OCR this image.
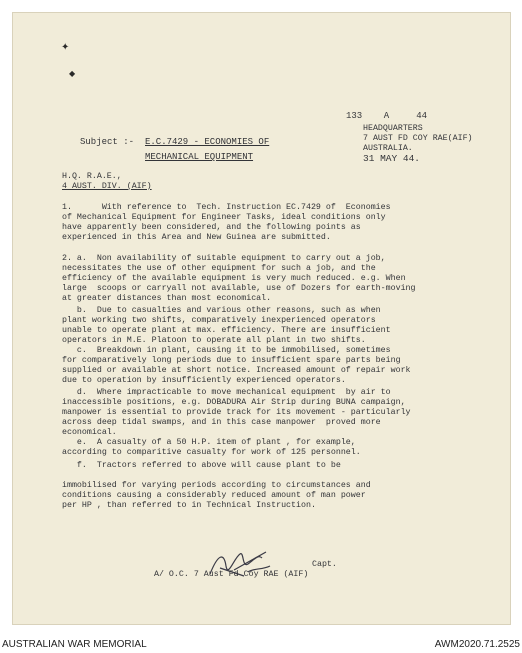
✦
◆
133    A     44
Subject :- E.C.7429 - ECONOMIES OF
MECHANICAL EQUIPMENT
HEADQUARTERS
7 AUST FD COY RAE(AIF)
AUSTRALIA.
31 MAY 44.
H.Q. R.A.E.,
4 AUST. DIV. (AIF)
1.      With reference to  Tech. Instruction EC.7429 of  Economies
of Mechanical Equipment for Engineer Tasks, ideal conditions only
have apparently been considered, and the following points as
experienced in this Area and New Guinea are submitted.
2. a.  Non availability of suitable equipment to carry out a job,
necessitates the use of other equipment for such a job, and the
efficiency of the available equipment is very much reduced. e.g. When
large  scoops or carryall not available, use of Dozers for earth-moving
at greater distances than most economical.
b.  Due to casualties and various other reasons, such as when
plant working two shifts, comparatively inexperienced operators
unable to operate plant at max. efficiency. There are insufficient
operators in M.E. Platoon to operate all plant in two shifts.
c.  Breakdown in plant, causing it to be immobilised, sometimes
for comparatively long periods due to insufficient spare parts being
supplied or available at short notice. Increased amount of repair work
due to operation by insufficiently experienced operators.
d.  Where impracticable to move mechanical equipment  by air to
inaccessible positions, e.g. DOBADURA Air Strip during BUNA campaign,
manpower is essential to provide track for its movement - particularly
across deep tidal swamps, and in this case manpower  proved more
economical.
e.  A casualty of a 50 H.P. item of plant , for example,
according to comparitive casualty for work of 125 personnel.
f.  Tractors referred to above will cause plant to be
immobilised for varying periods according to circumstances and
conditions causing a considerably reduced amount of man power
per HP , than referred to in Technical Instruction.
Capt.
A/ O.C. 7 Aust Fd Coy RAE (AIF)
AUSTRALIAN WAR MEMORIAL	AWM2020.71.2525
